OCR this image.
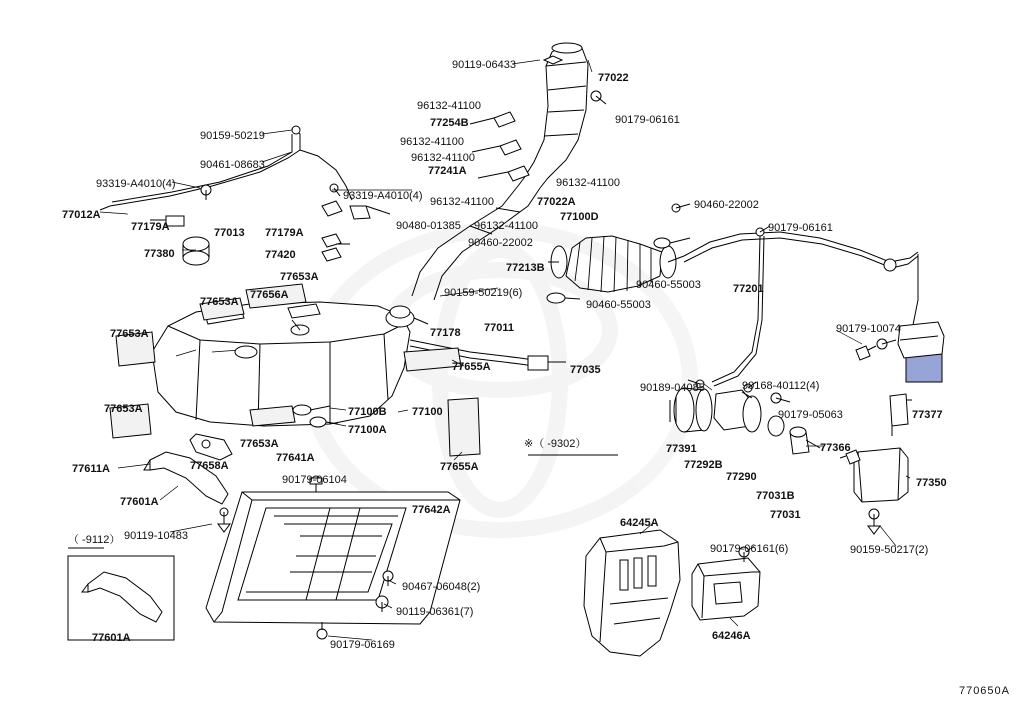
90119-06433
77022
96132-41100
90179-06161
77254B
96132-41100
90159-50219
96132-41100
90461-08683	77241A
96132-41100
93319-A4010(4)
93319-A4010(4) 96132-41100	77022A	90460-22002
77012A	77100D
90480-01385 96132-41100
77179A	77013 77179A	90179-06161
90460-22002
77380	77420
77213B
90460-55003	77201
77653A
90159-50219(6)
90460-55003
77656A
77653A
90179-10074
77653A	77178 77011
77655A	77035
90189-04085	90168-40112(4)
90179-05063
77653A	77100B 77100
77100A
77377
77391
77292B
77290
77366
77653A
77641A
77655A
77611A	77658A
77031B
77350
90179-06104
77642A
77601A
77031
90119-10483
64245A
90179-06161(6)	90159-50217(2)
90467-06048(2)
90119-06361(7)
77601A
90179-06169
64246A
※（ -9302）
（ -9112）
770650A
